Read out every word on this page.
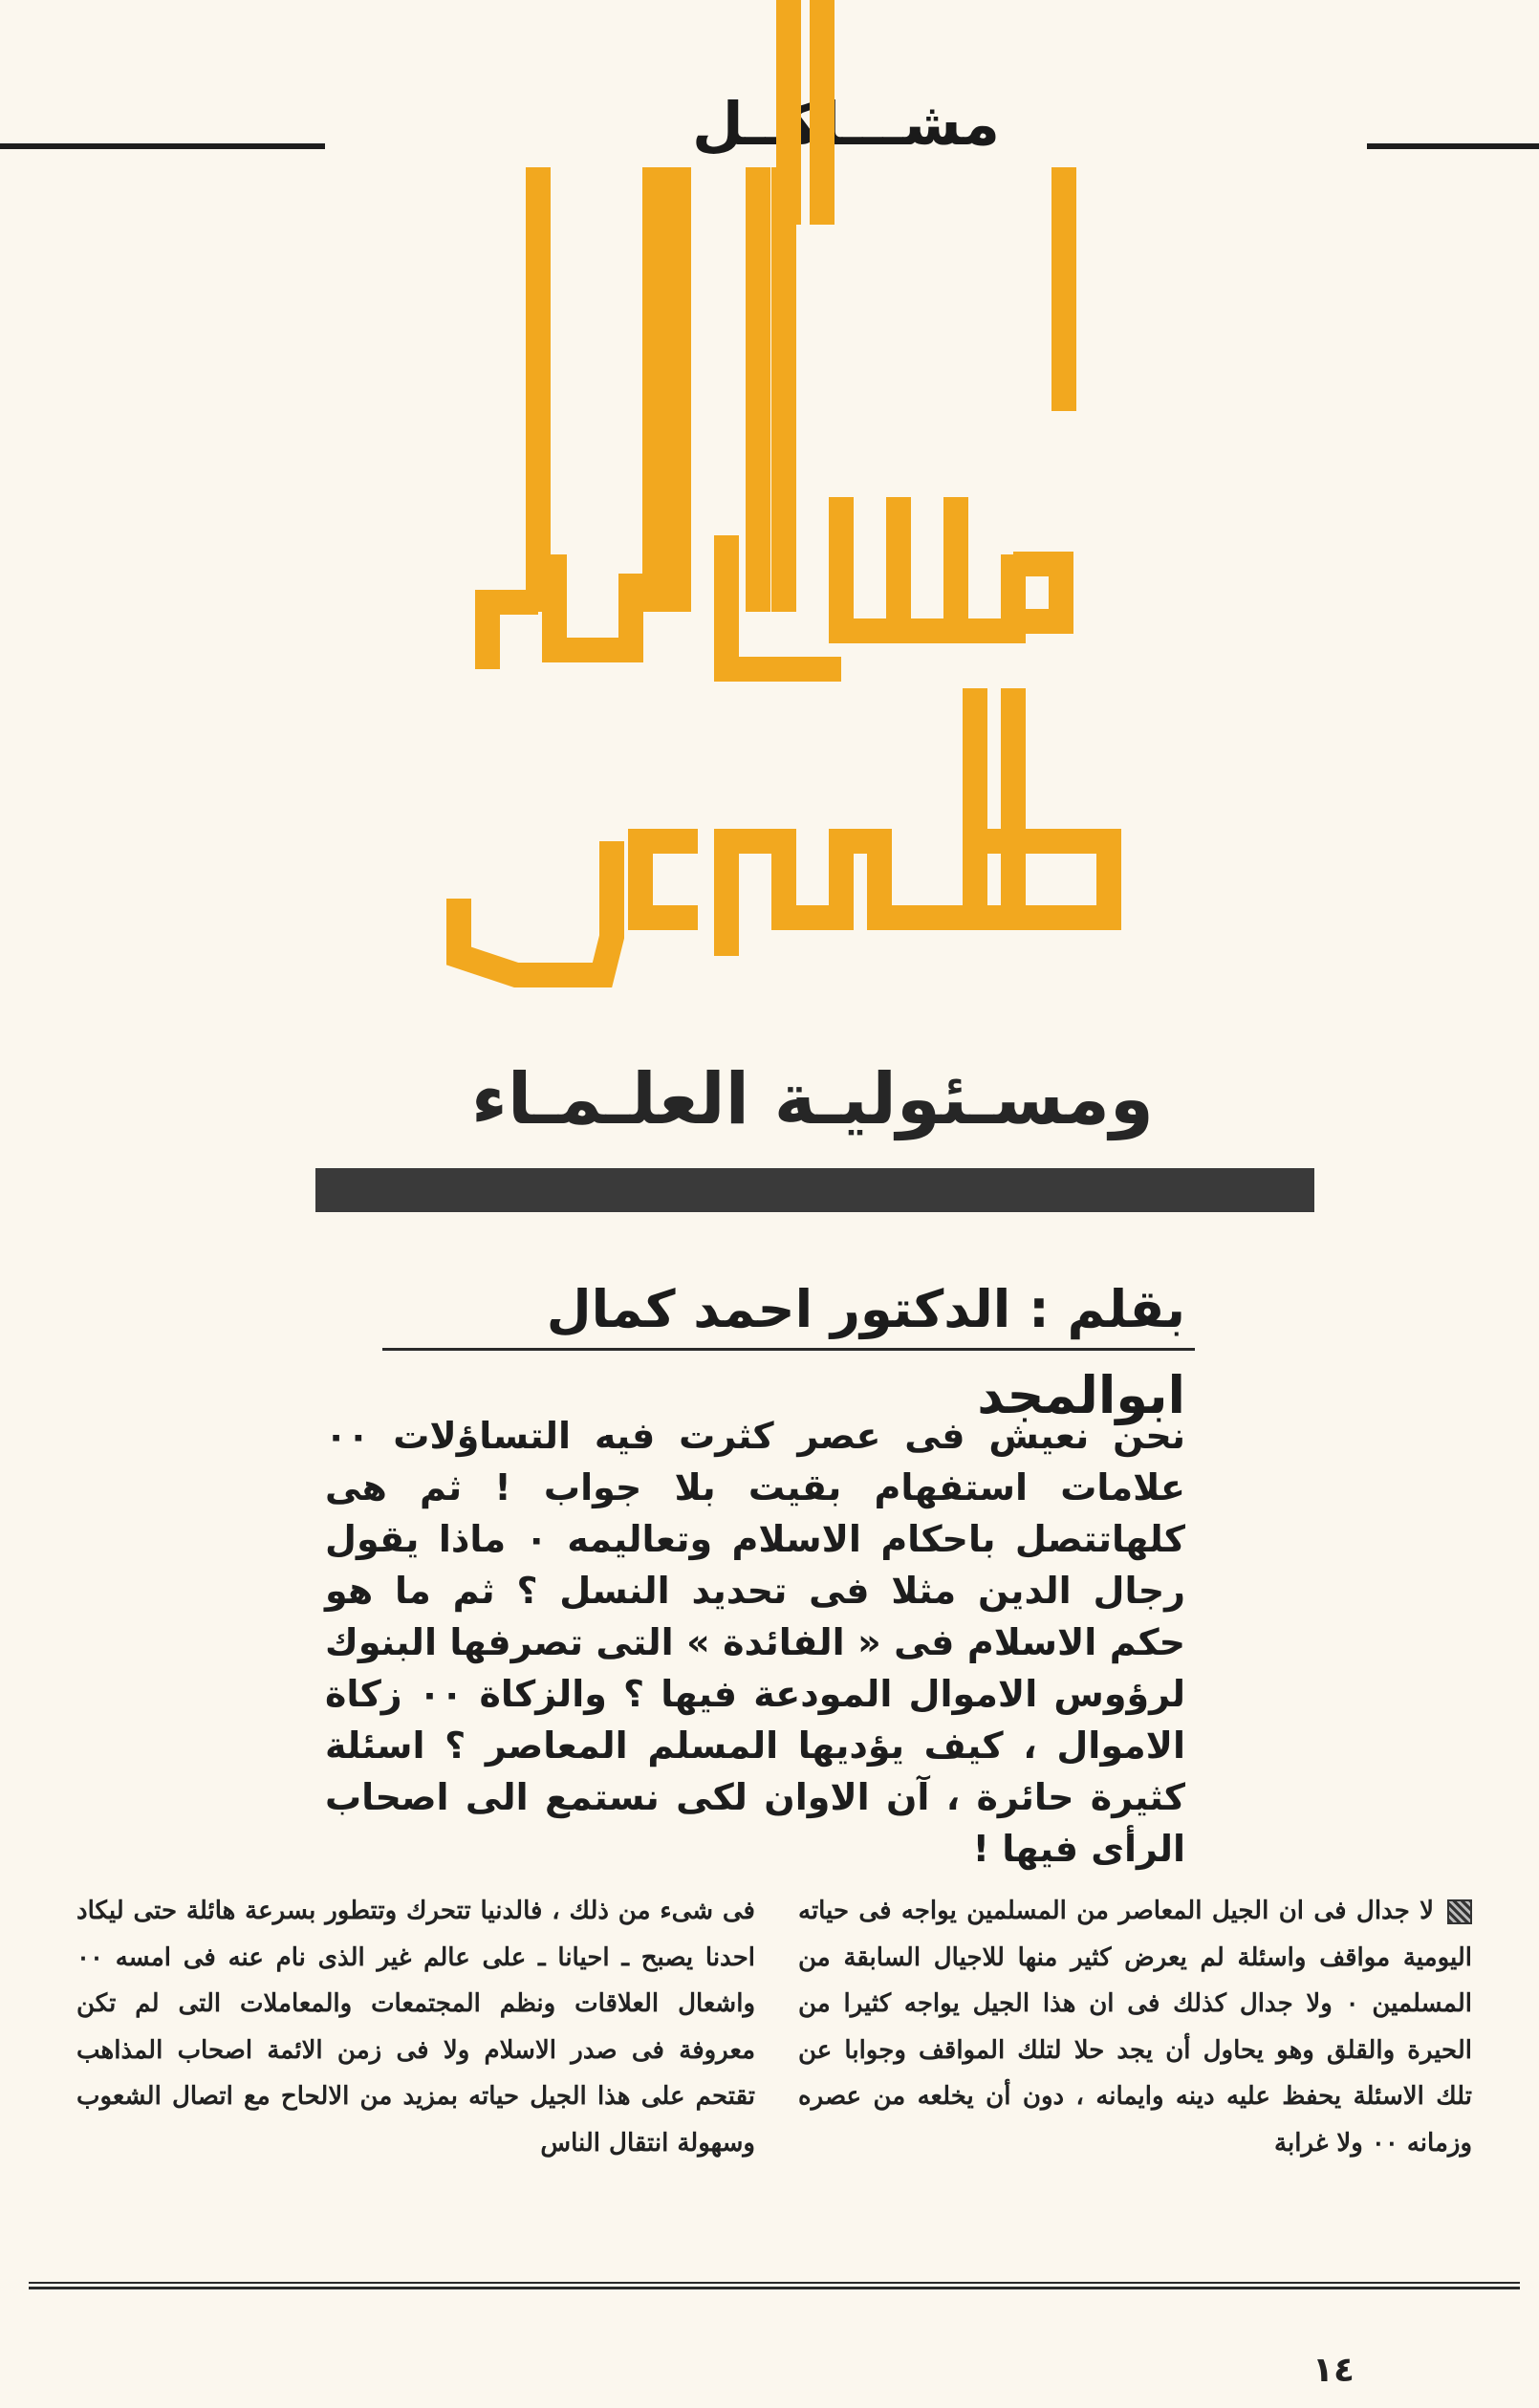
مشـــاكــل
ومسـئوليـة العلـمـاء
بقلم : الدكتور احمد كمال ابوالمجد
نحن نعيش فى عصر كثرت فيه التساؤلات ٠٠ علامات استفهام بقيت بلا جواب ! ثم هى كلهاتتصل باحكام الاسلام وتعاليمه ٠ ماذا يقول رجال الدين مثلا فى تحديد النسل ؟ ثم ما هو حكم الاسلام فى « الفائدة » التى تصرفها البنوك لرؤوس الاموال المودعة فيها ؟ والزكاة ٠٠ زكاة الاموال ، كيف يؤديها المسلم المعاصر ؟ اسئلة كثيرة حائرة ، آن الاوان لكى نستمع الى اصحاب الرأى فيها !
لا جدال فى ان الجيل المعاصر من المسلمين يواجه فى حياته اليومية مواقف واسئلة لم يعرض كثير منها للاجيال السابقة من المسلمين ٠ ولا جدال كذلك فى ان هذا الجيل يواجه كثيرا من الحيرة والقلق وهو يحاول أن يجد حلا لتلك المواقف وجوابا عن تلك الاسئلة يحفظ عليه دينه وايمانه ، دون أن يخلعه من عصره وزمانه ٠٠ ولا غرابة
فى شىء من ذلك ، فالدنيا تتحرك وتتطور بسرعة هائلة حتى ليكاد احدنا يصبح ـ احيانا ـ على عالم غير الذى نام عنه فى امسه ٠٠ واشعال العلاقات ونظم المجتمعات والمعاملات التى لم تكن معروفة فى صدر الاسلام ولا فى زمن الائمة اصحاب المذاهب تقتحم على هذا الجيل حياته بمزيد من الالحاح مع اتصال الشعوب وسهولة انتقال الناس
١٤
